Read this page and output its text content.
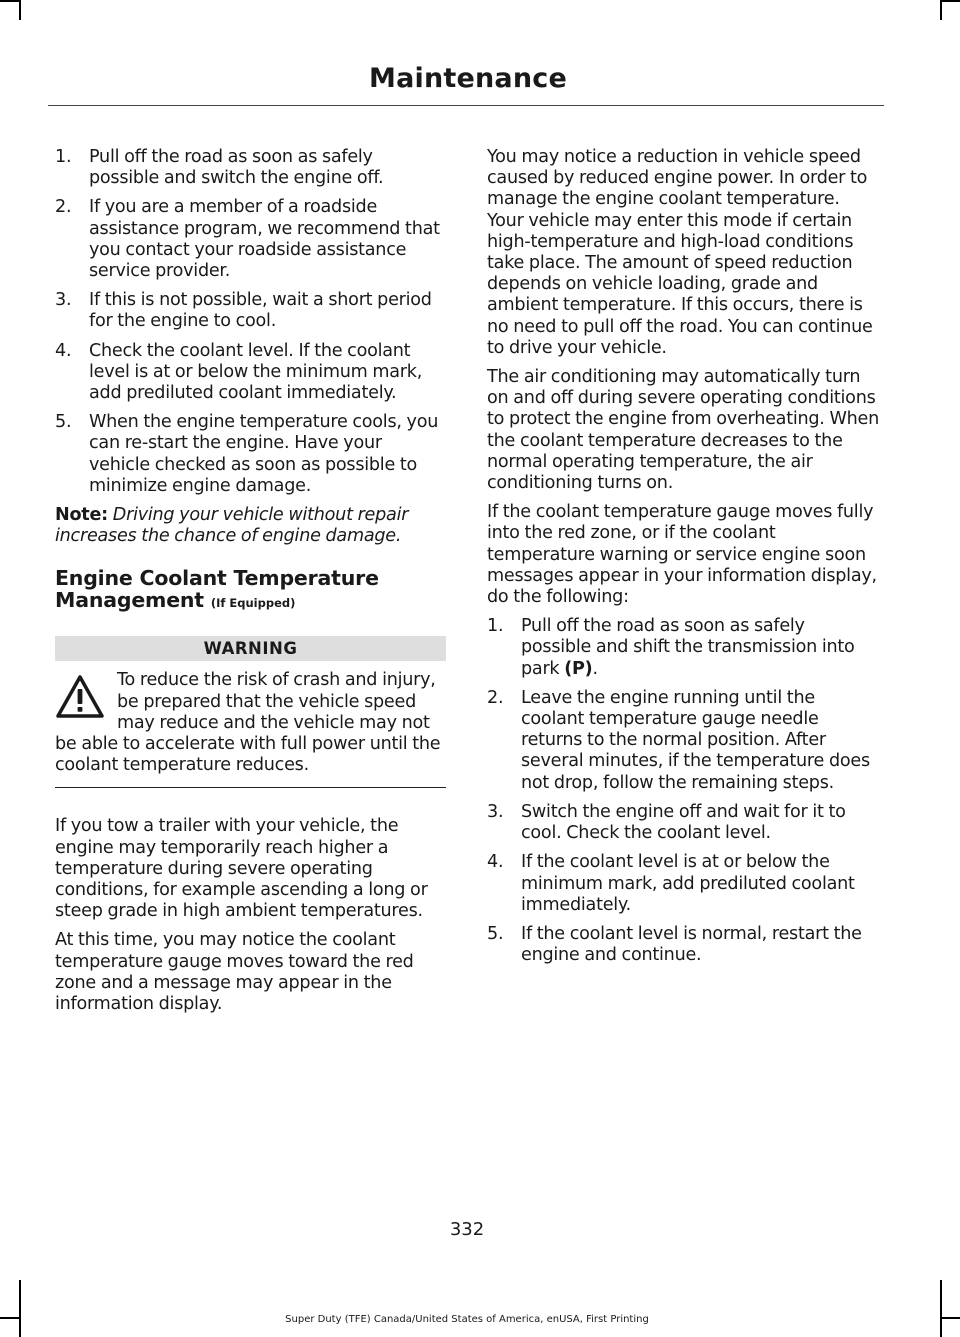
Maintenance
1. Pull off the road as soon as safely possible and switch the engine off.
2. If you are a member of a roadside assistance program, we recommend that you contact your roadside assistance service provider.
3. If this is not possible, wait a short period for the engine to cool.
4. Check the coolant level. If the coolant level is at or below the minimum mark, add prediluted coolant immediately.
5. When the engine temperature cools, you can re-start the engine. Have your vehicle checked as soon as possible to minimize engine damage.

Note: Driving your vehicle without repair increases the chance of engine damage.

Engine Coolant Temperature Management (If Equipped)
WARNING

To reduce the risk of crash and injury, be prepared that the vehicle speed may reduce and the vehicle may not be able to accelerate with full power until the coolant temperature reduces.

If you tow a trailer with your vehicle, the engine may temporarily reach higher a temperature during severe operating conditions, for example ascending a long or steep grade in high ambient temperatures.

At this time, you may notice the coolant temperature gauge moves toward the red zone and a message may appear in the information display.

You may notice a reduction in vehicle speed caused by reduced engine power. In order to manage the engine coolant temperature. Your vehicle may enter this mode if certain high-temperature and high-load conditions take place. The amount of speed reduction depends on vehicle loading, grade and ambient temperature. If this occurs, there is no need to pull off the road. You can continue to drive your vehicle.

The air conditioning may automatically turn on and off during severe operating conditions to protect the engine from overheating. When the coolant temperature decreases to the normal operating temperature, the air conditioning turns on.

If the coolant temperature gauge moves fully into the red zone, or if the coolant temperature warning or service engine soon messages appear in your information display, do the following:

1. Pull off the road as soon as safely possible and shift the transmission into park (P).
2. Leave the engine running until the coolant temperature gauge needle returns to the normal position. After several minutes, if the temperature does not drop, follow the remaining steps.
3. Switch the engine off and wait for it to cool. Check the coolant level.
4. If the coolant level is at or below the minimum mark, add prediluted coolant immediately.
5. If the coolant level is normal, restart the engine and continue.
332
Super Duty (TFE) Canada/United States of America, enUSA, First Printing
